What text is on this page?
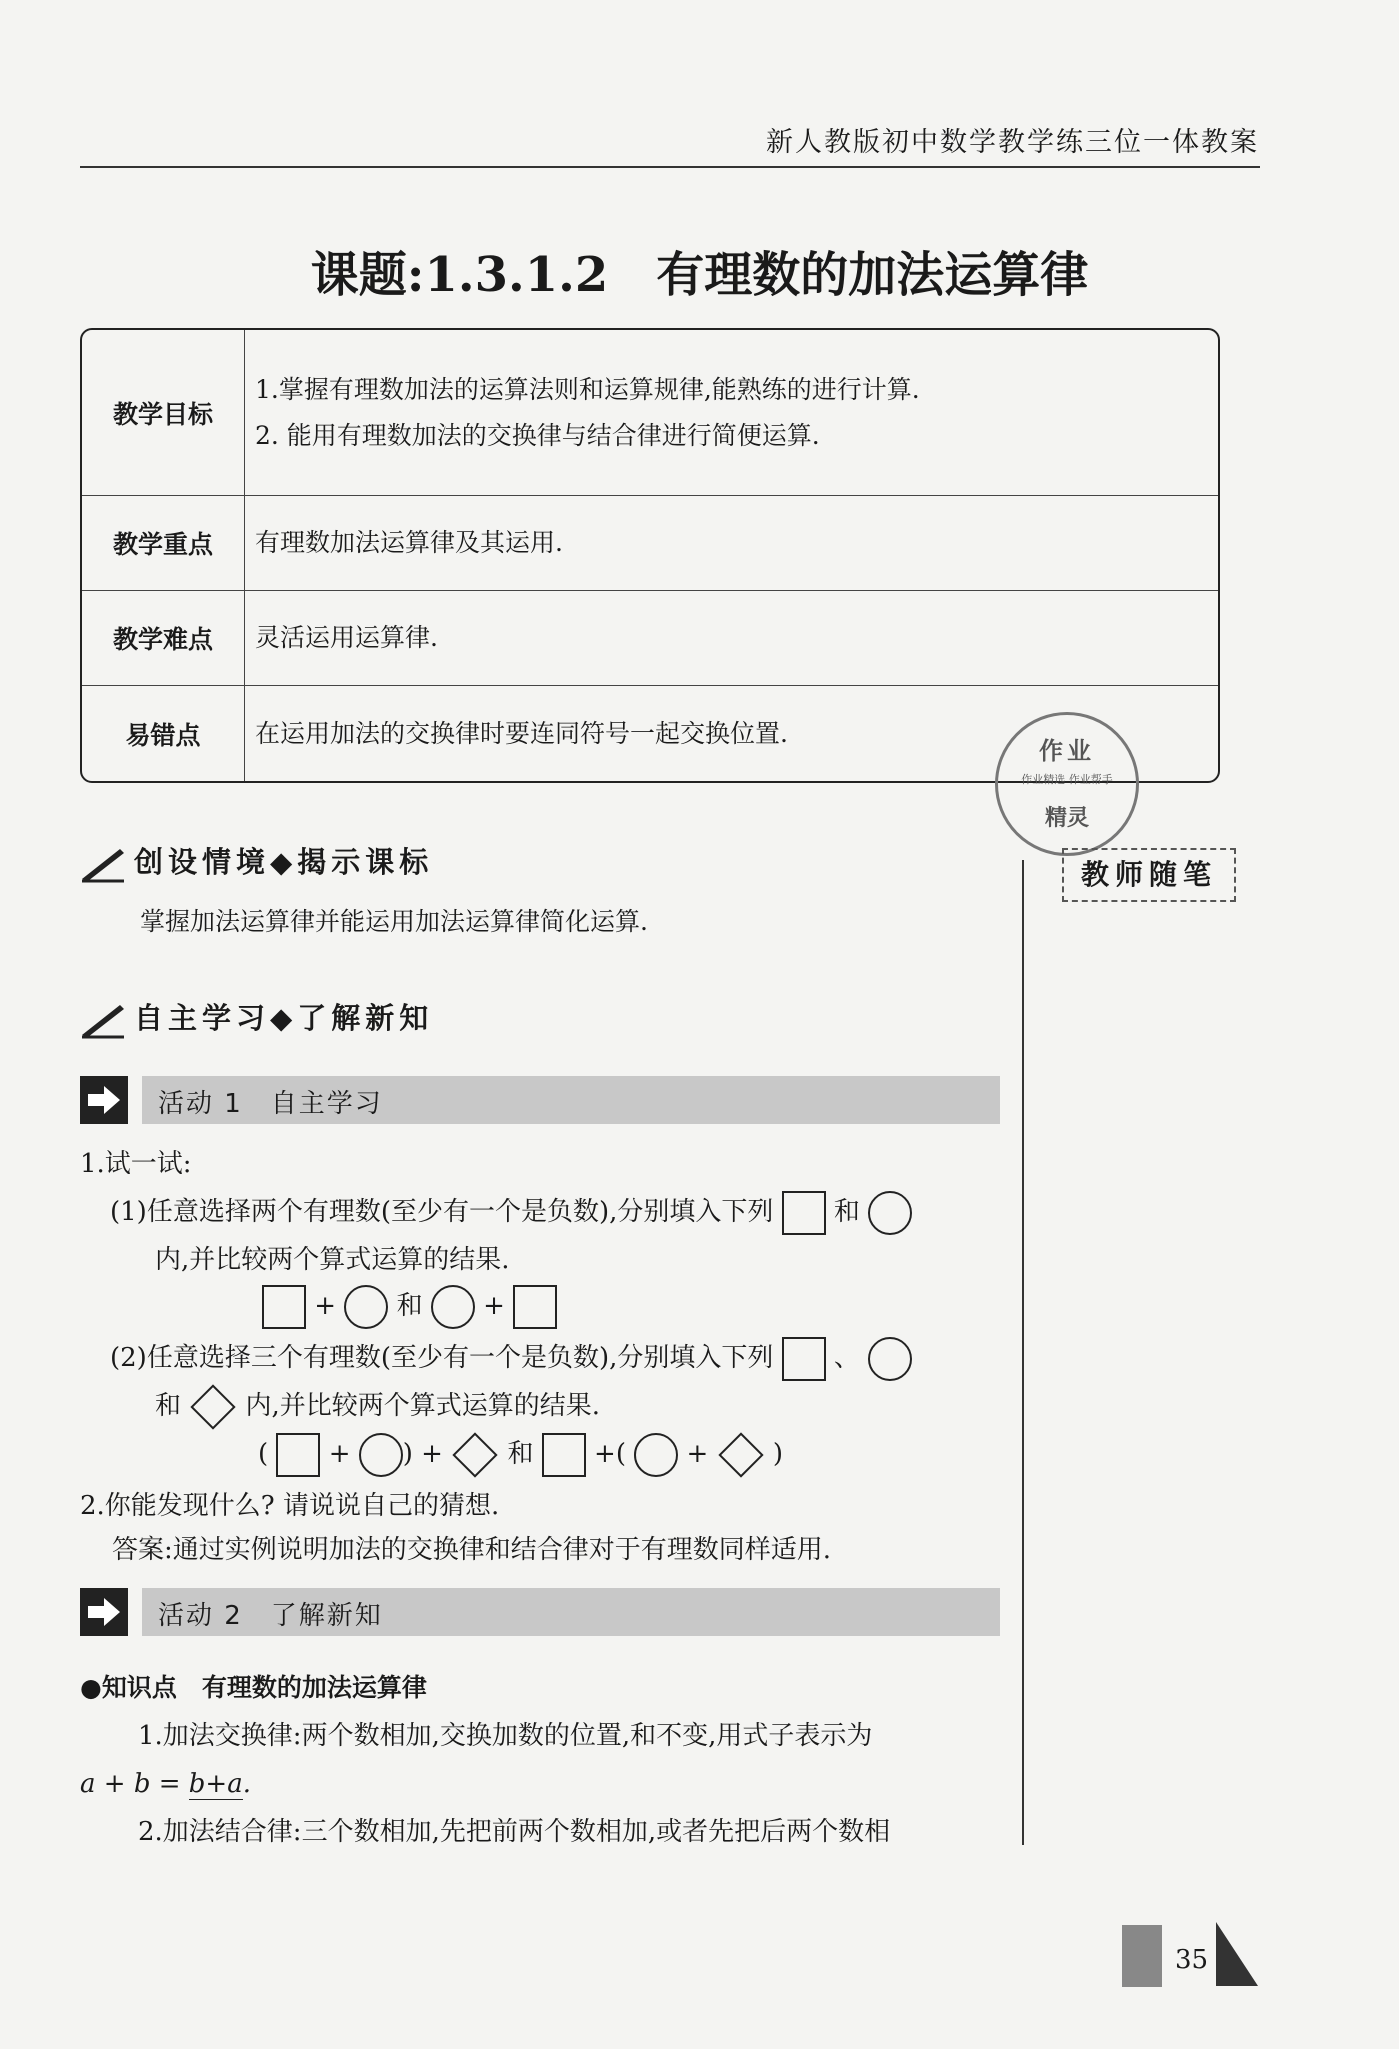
新人教版初中数学教学练三位一体教案
课题:1.3.1.2　有理数的加法运算律
教学目标	1.掌握有理数加法的运算法则和运算规律,能熟练的进行计算.
2. 能用有理数加法的交换律与结合律进行简便运算.

教学重点	有理数加法运算律及其运用.
教学难点	灵活运用运算律.
易错点	在运用加法的交换律时要连同符号一起交换位置.
作业
作业精选 作业帮手
精灵
教师随笔
创设情境◆揭示课标
掌握加法运算律并能运用加法运算律简化运算.
自主学习◆了解新知
活动 1　自主学习
1.试一试:
(1)任意选择两个有理数(至少有一个是负数),分别填入下列 和
内,并比较两个算式运算的结果.
+ 和 +
(2)任意选择三个有理数(至少有一个是负数),分别填入下列 、
和 内,并比较两个算式运算的结果.
( + ) + 和 +( + )
2.你能发现什么? 请说说自己的猜想.
答案:通过实例说明加法的交换律和结合律对于有理数同样适用.
活动 2　了解新知
●知识点　有理数的加法运算律
1.加法交换律:两个数相加,交换加数的位置,和不变,用式子表示为
a + b = b+a.
2.加法结合律:三个数相加,先把前两个数相加,或者先把后两个数相
35
